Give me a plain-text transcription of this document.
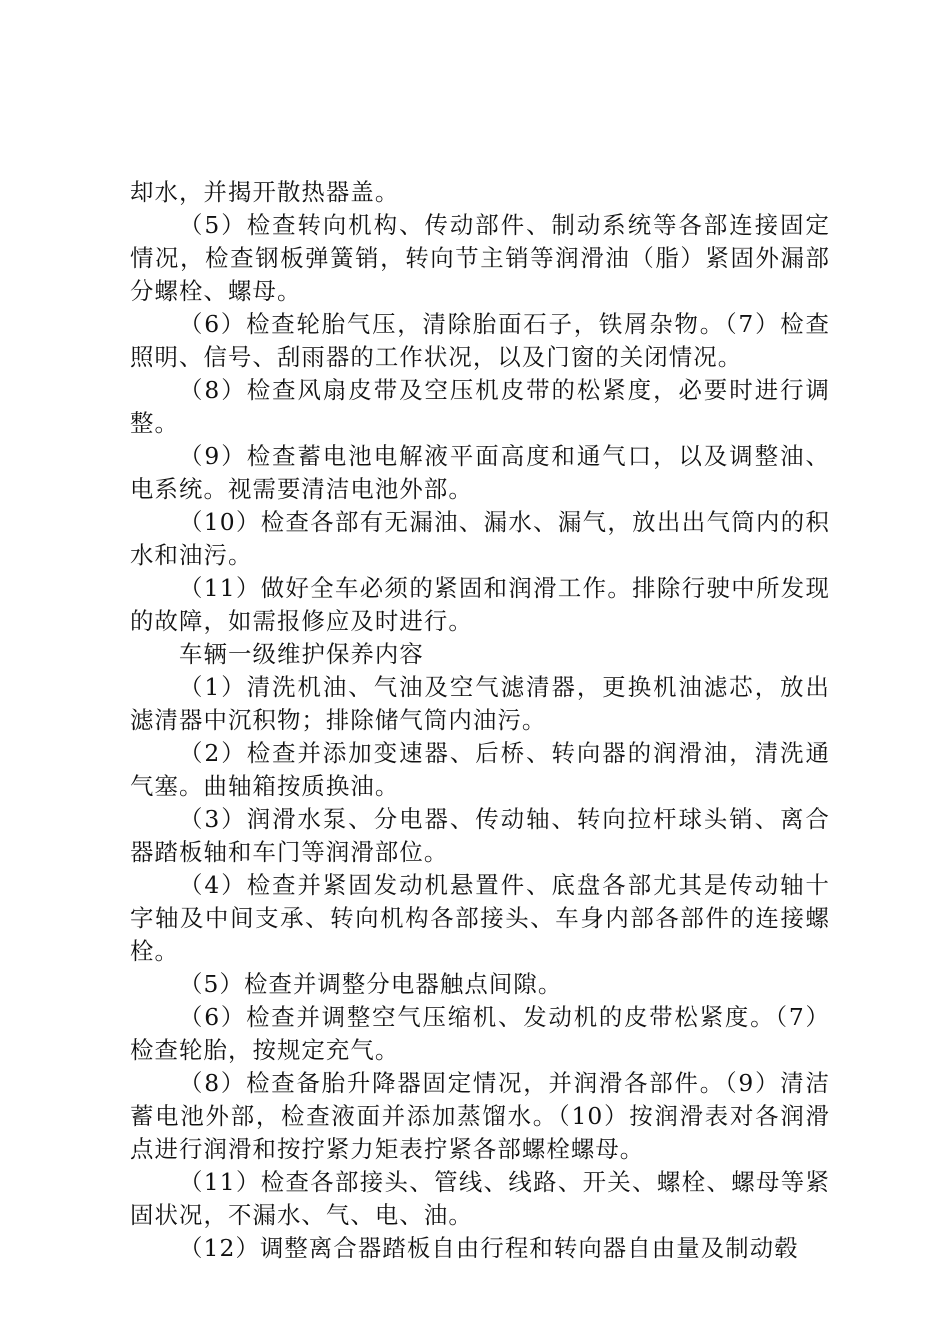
却水，并揭开散热器盖。

（5）检查转向机构、传动部件、制动系统等各部连接固定情况，检查钢板弹簧销，转向节主销等润滑油（脂）紧固外漏部分螺栓、螺母。

（6）检查轮胎气压，清除胎面石子，铁屑杂物。（7）检查照明、信号、刮雨器的工作状况，以及门窗的关闭情况。

（8）检查风扇皮带及空压机皮带的松紧度，必要时进行调整。

（9）检查蓄电池电解液平面高度和通气口，以及调整油、电系统。视需要清洁电池外部。

（10）检查各部有无漏油、漏水、漏气，放出出气筒内的积水和油污。

（11）做好全车必须的紧固和润滑工作。排除行驶中所发现的故障，如需报修应及时进行。

车辆一级维护保养内容

（1）清洗机油、气油及空气滤清器，更换机油滤芯，放出滤清器中沉积物；排除储气筒内油污。

（2）检查并添加变速器、后桥、转向器的润滑油，清洗通气塞。曲轴箱按质换油。

（3）润滑水泵、分电器、传动轴、转向拉杆球头销、离合器踏板轴和车门等润滑部位。

（4）检查并紧固发动机悬置件、底盘各部尤其是传动轴十字轴及中间支承、转向机构各部接头、车身内部各部件的连接螺栓。

（5）检查并调整分电器触点间隙。

（6）检查并调整空气压缩机、发动机的皮带松紧度。（7）检查轮胎，按规定充气。

（8）检查备胎升降器固定情况，并润滑各部件。（9）清洁蓄电池外部，检查液面并添加蒸馏水。（10）按润滑表对各润滑点进行润滑和按拧紧力矩表拧紧各部螺栓螺母。

（11）检查各部接头、管线、线路、开关、螺栓、螺母等紧固状况，不漏水、气、电、油。

（12）调整离合器踏板自由行程和转向器自由量及制动毂
